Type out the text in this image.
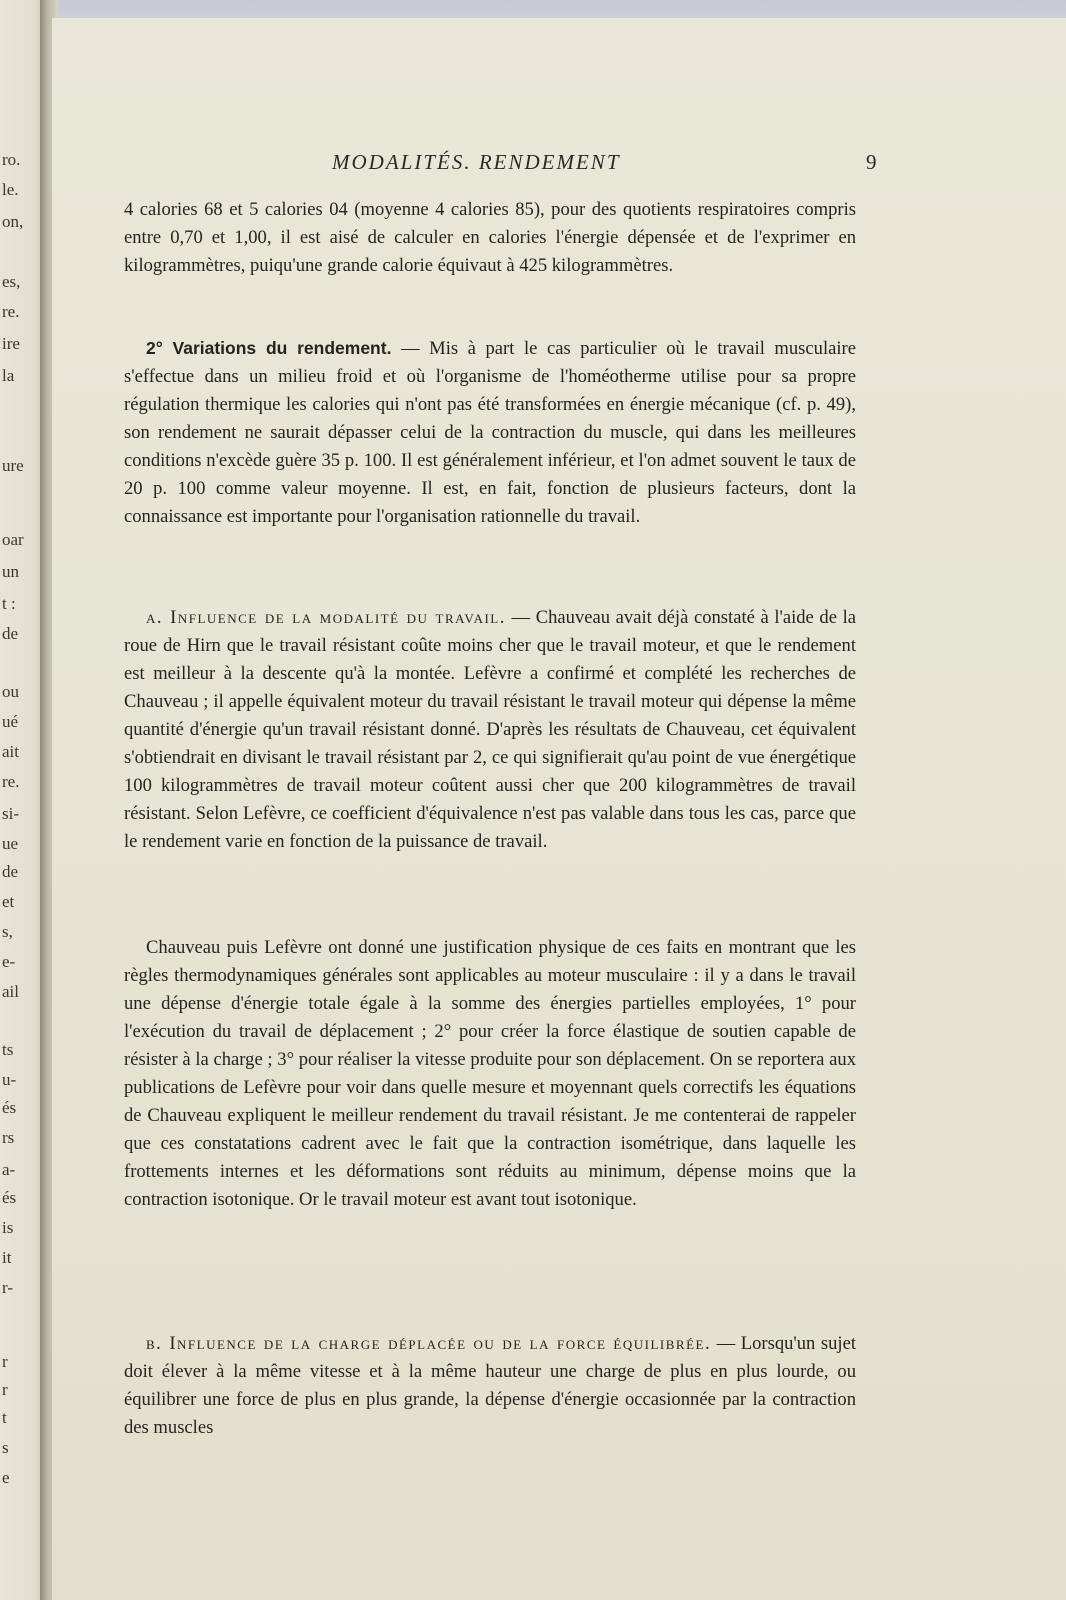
ro.
le.
on,
es,
re.
ire
la
ure
oar
un
t :
de
ou
ué
ait
re.
si-
ue
de
et
s,
e-
ail
ts
u-
és
rs
a-
és
is
it
r-
r
r
t
s
e
MODALITÉS. RENDEMENT	9

4 calories 68 et 5 calories 04 (moyenne 4 calories 85), pour des quotients respiratoires compris entre 0,70 et 1,00, il est aisé de calculer en calories l'énergie dépensée et de l'exprimer en kilogrammètres, puiqu'une grande calorie équivaut à 425 kilogrammètres.

2° Variations du rendement. — Mis à part le cas particulier où le travail musculaire s'effectue dans un milieu froid et où l'organisme de l'homéotherme utilise pour sa propre régulation thermique les calories qui n'ont pas été transformées en énergie mécanique (cf. p. 49), son rendement ne saurait dépasser celui de la contraction du muscle, qui dans les meilleures conditions n'excède guère 35 p. 100. Il est généralement inférieur, et l'on admet souvent le taux de 20 p. 100 comme valeur moyenne. Il est, en fait, fonction de plusieurs facteurs, dont la connaissance est importante pour l'organisation rationnelle du travail.

α. Influence de la modalité du travail. — Chauveau avait déjà constaté à l'aide de la roue de Hirn que le travail résistant coûte moins cher que le travail moteur, et que le rendement est meilleur à la descente qu'à la montée. Lefèvre a confirmé et complété les recherches de Chauveau ; il appelle équivalent moteur du travail résistant le travail moteur qui dépense la même quantité d'énergie qu'un travail résistant donné. D'après les résultats de Chauveau, cet équivalent s'obtiendrait en divisant le travail résistant par 2, ce qui signifierait qu'au point de vue énergétique 100 kilogrammètres de travail moteur coûtent aussi cher que 200 kilogrammètres de travail résistant. Selon Lefèvre, ce coefficient d'équivalence n'est pas valable dans tous les cas, parce que le rendement varie en fonction de la puissance de travail.

Chauveau puis Lefèvre ont donné une justification physique de ces faits en montrant que les règles thermodynamiques générales sont applicables au moteur musculaire : il y a dans le travail une dépense d'énergie totale égale à la somme des énergies partielles employées, 1° pour l'exécution du travail de déplacement ; 2° pour créer la force élastique de soutien capable de résister à la charge ; 3° pour réaliser la vitesse produite pour son déplacement. On se reportera aux publications de Lefèvre pour voir dans quelle mesure et moyennant quels correctifs les équations de Chauveau expliquent le meilleur rendement du travail résistant. Je me contenterai de rappeler que ces constatations cadrent avec le fait que la contraction isométrique, dans laquelle les frottements internes et les déformations sont réduits au minimum, dépense moins que la contraction isotonique. Or le travail moteur est avant tout isotonique.

β. Influence de la charge déplacée ou de la force équilibrée. — Lorsqu'un sujet doit élever à la même vitesse et à la même hauteur une charge de plus en plus lourde, ou équilibrer une force de plus en plus grande, la dépense d'énergie occasionnée par la contraction des muscles
